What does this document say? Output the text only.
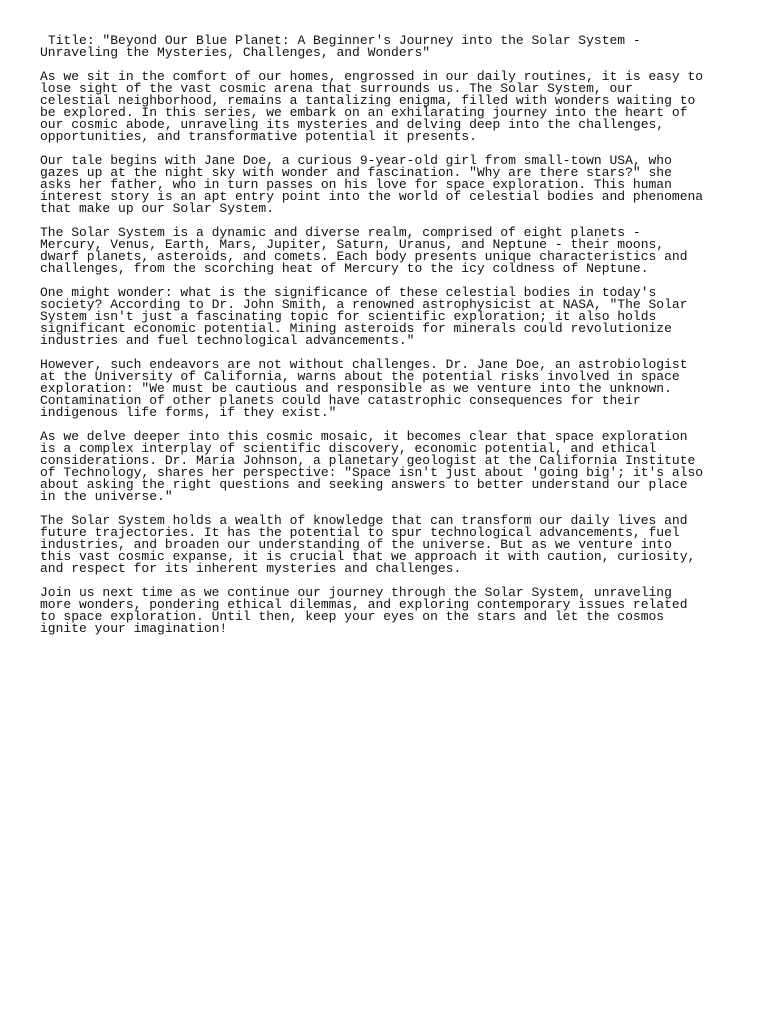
Title: "Beyond Our Blue Planet: A Beginner's Journey into the Solar System -
Unraveling the Mysteries, Challenges, and Wonders"

As we sit in the comfort of our homes, engrossed in our daily routines, it is easy to
lose sight of the vast cosmic arena that surrounds us. The Solar System, our
celestial neighborhood, remains a tantalizing enigma, filled with wonders waiting to
be explored. In this series, we embark on an exhilarating journey into the heart of
our cosmic abode, unraveling its mysteries and delving deep into the challenges,
opportunities, and transformative potential it presents.

Our tale begins with Jane Doe, a curious 9-year-old girl from small-town USA, who
gazes up at the night sky with wonder and fascination. "Why are there stars?" she
asks her father, who in turn passes on his love for space exploration. This human
interest story is an apt entry point into the world of celestial bodies and phenomena
that make up our Solar System.

The Solar System is a dynamic and diverse realm, comprised of eight planets -
Mercury, Venus, Earth, Mars, Jupiter, Saturn, Uranus, and Neptune - their moons,
dwarf planets, asteroids, and comets. Each body presents unique characteristics and
challenges, from the scorching heat of Mercury to the icy coldness of Neptune.

One might wonder: what is the significance of these celestial bodies in today's
society? According to Dr. John Smith, a renowned astrophysicist at NASA, "The Solar
System isn't just a fascinating topic for scientific exploration; it also holds
significant economic potential. Mining asteroids for minerals could revolutionize
industries and fuel technological advancements."

However, such endeavors are not without challenges. Dr. Jane Doe, an astrobiologist
at the University of California, warns about the potential risks involved in space
exploration: "We must be cautious and responsible as we venture into the unknown.
Contamination of other planets could have catastrophic consequences for their
indigenous life forms, if they exist."

As we delve deeper into this cosmic mosaic, it becomes clear that space exploration
is a complex interplay of scientific discovery, economic potential, and ethical
considerations. Dr. Maria Johnson, a planetary geologist at the California Institute
of Technology, shares her perspective: "Space isn't just about 'going big'; it's also
about asking the right questions and seeking answers to better understand our place
in the universe."

The Solar System holds a wealth of knowledge that can transform our daily lives and
future trajectories. It has the potential to spur technological advancements, fuel
industries, and broaden our understanding of the universe. But as we venture into
this vast cosmic expanse, it is crucial that we approach it with caution, curiosity,
and respect for its inherent mysteries and challenges.

Join us next time as we continue our journey through the Solar System, unraveling
more wonders, pondering ethical dilemmas, and exploring contemporary issues related
to space exploration. Until then, keep your eyes on the stars and let the cosmos
ignite your imagination!
